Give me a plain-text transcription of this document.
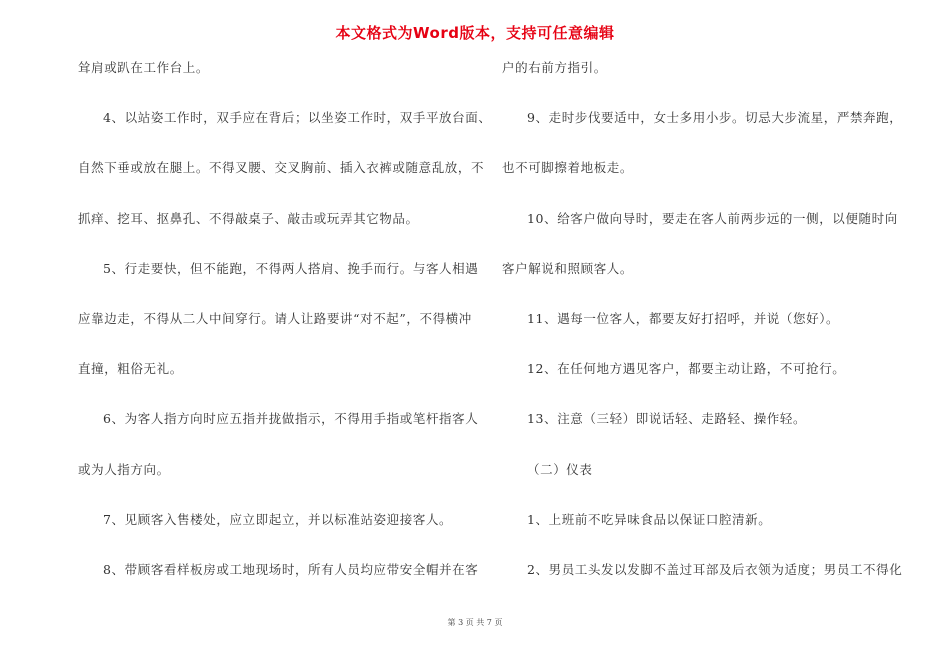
本文格式为Word版本，支持可任意编辑
耸肩或趴在工作台上。
4、以站姿工作时，双手应在背后；以坐姿工作时，双手平放台面、
自然下垂或放在腿上。不得叉腰、交叉胸前、插入衣裤或随意乱放，不
抓痒、挖耳、抠鼻孔、不得敲桌子、敲击或玩弄其它物品。
5、行走要快，但不能跑，不得两人搭肩、挽手而行。与客人相遇
应靠边走，不得从二人中间穿行。请人让路要讲“对不起”，不得横冲
直撞，粗俗无礼。
6、为客人指方向时应五指并拢做指示，不得用手指或笔杆指客人
或为人指方向。
7、见顾客入售楼处，应立即起立，并以标准站姿迎接客人。
8、带顾客看样板房或工地现场时，所有人员均应带安全帽并在客
户的右前方指引。
9、走时步伐要适中，女士多用小步。切忌大步流星，严禁奔跑，
也不可脚擦着地板走。
10、给客户做向导时，要走在客人前两步远的一侧，以便随时向
客户解说和照顾客人。
11、遇每一位客人，都要友好打招呼，并说（您好）。
12、在任何地方遇见客户，都要主动让路，不可抢行。
13、注意（三轻）即说话轻、走路轻、操作轻。
（二）仪表
1、上班前不吃异味食品以保证口腔清新。
2、男员工头发以发脚不盖过耳部及后衣领为适度；男员工不得化
第 3 页 共 7 页
